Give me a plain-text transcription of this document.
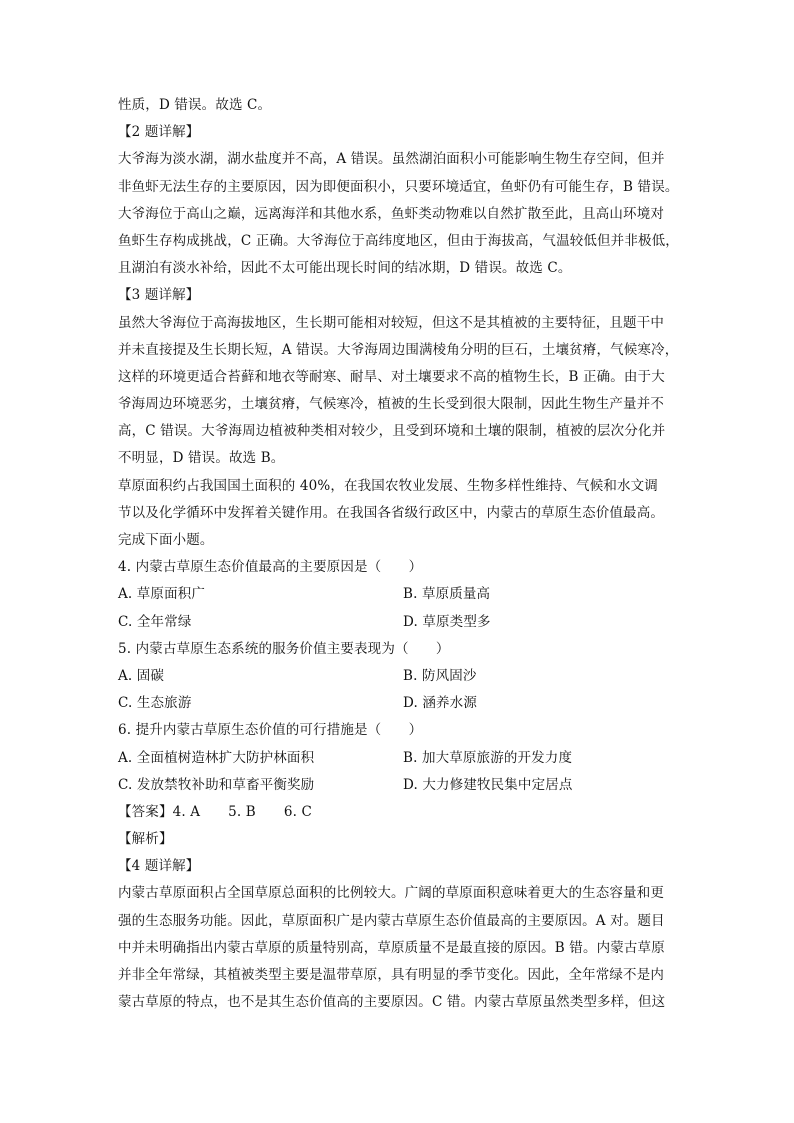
性质，D 错误。故选 C。
【2 题详解】
大爷海为淡水湖，湖水盐度并不高，A 错误。虽然湖泊面积小可能影响生物生存空间，但并
非鱼虾无法生存的主要原因，因为即便面积小，只要环境适宜，鱼虾仍有可能生存，B 错误。
大爷海位于高山之巅，远离海洋和其他水系，鱼虾类动物难以自然扩散至此，且高山环境对
鱼虾生存构成挑战，C 正确。大爷海位于高纬度地区，但由于海拔高，气温较低但并非极低，
且湖泊有淡水补给，因此不太可能出现长时间的结冰期，D 错误。故选 C。
【3 题详解】
虽然大爷海位于高海拔地区，生长期可能相对较短，但这不是其植被的主要特征，且题干中
并未直接提及生长期长短，A 错误。大爷海周边围满棱角分明的巨石，土壤贫瘠，气候寒冷，
这样的环境更适合苔藓和地衣等耐寒、耐旱、对土壤要求不高的植物生长，B 正确。由于大
爷海周边环境恶劣，土壤贫瘠，气候寒冷，植被的生长受到很大限制，因此生物生产量并不
高，C 错误。大爷海周边植被种类相对较少，且受到环境和土壤的限制，植被的层次分化并
不明显，D 错误。故选 B。
草原面积约占我国国土面积的 40%，在我国农牧业发展、生物多样性维持、气候和水文调
节以及化学循环中发挥着关键作用。在我国各省级行政区中，内蒙古的草原生态价值最高。
完成下面小题。
4. 内蒙古草原生态价值最高的主要原因是（　　）
A. 草原面积广	B. 草原质量高
C. 全年常绿	D. 草原类型多
5. 内蒙古草原生态系统的服务价值主要表现为（　　）
A. 固碳	B. 防风固沙
C. 生态旅游	D. 涵养水源
6. 提升内蒙古草原生态价值的可行措施是（　　）
A. 全面植树造林扩大防护林面积	B. 加大草原旅游的开发力度
C. 发放禁牧补助和草畜平衡奖励	D. 大力修建牧民集中定居点
【答案】4. A 5. B 6. C
【解析】
【4 题详解】
内蒙古草原面积占全国草原总面积的比例较大。广阔的草原面积意味着更大的生态容量和更
强的生态服务功能。因此，草原面积广是内蒙古草原生态价值最高的主要原因。A 对。题目
中并未明确指出内蒙古草原的质量特别高，草原质量不是最直接的原因。B 错。内蒙古草原
并非全年常绿，其植被类型主要是温带草原，具有明显的季节变化。因此，全年常绿不是内
蒙古草原的特点，也不是其生态价值高的主要原因。C 错。内蒙古草原虽然类型多样，但这
